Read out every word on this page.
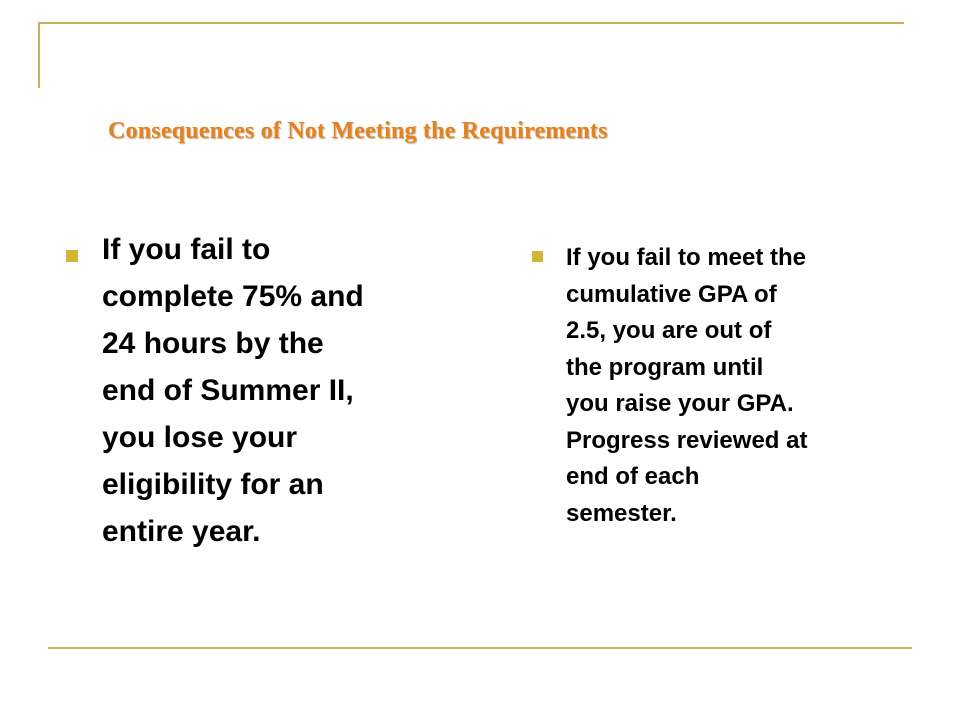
Consequences of Not Meeting the Requirements

If you fail to
complete 75% and
24 hours by the
end of Summer II,
you lose your
eligibility for an
entire year.

If you fail to meet the
cumulative GPA of
2.5, you are out of
the program until
you raise your GPA.
Progress reviewed at
end of each
semester.
